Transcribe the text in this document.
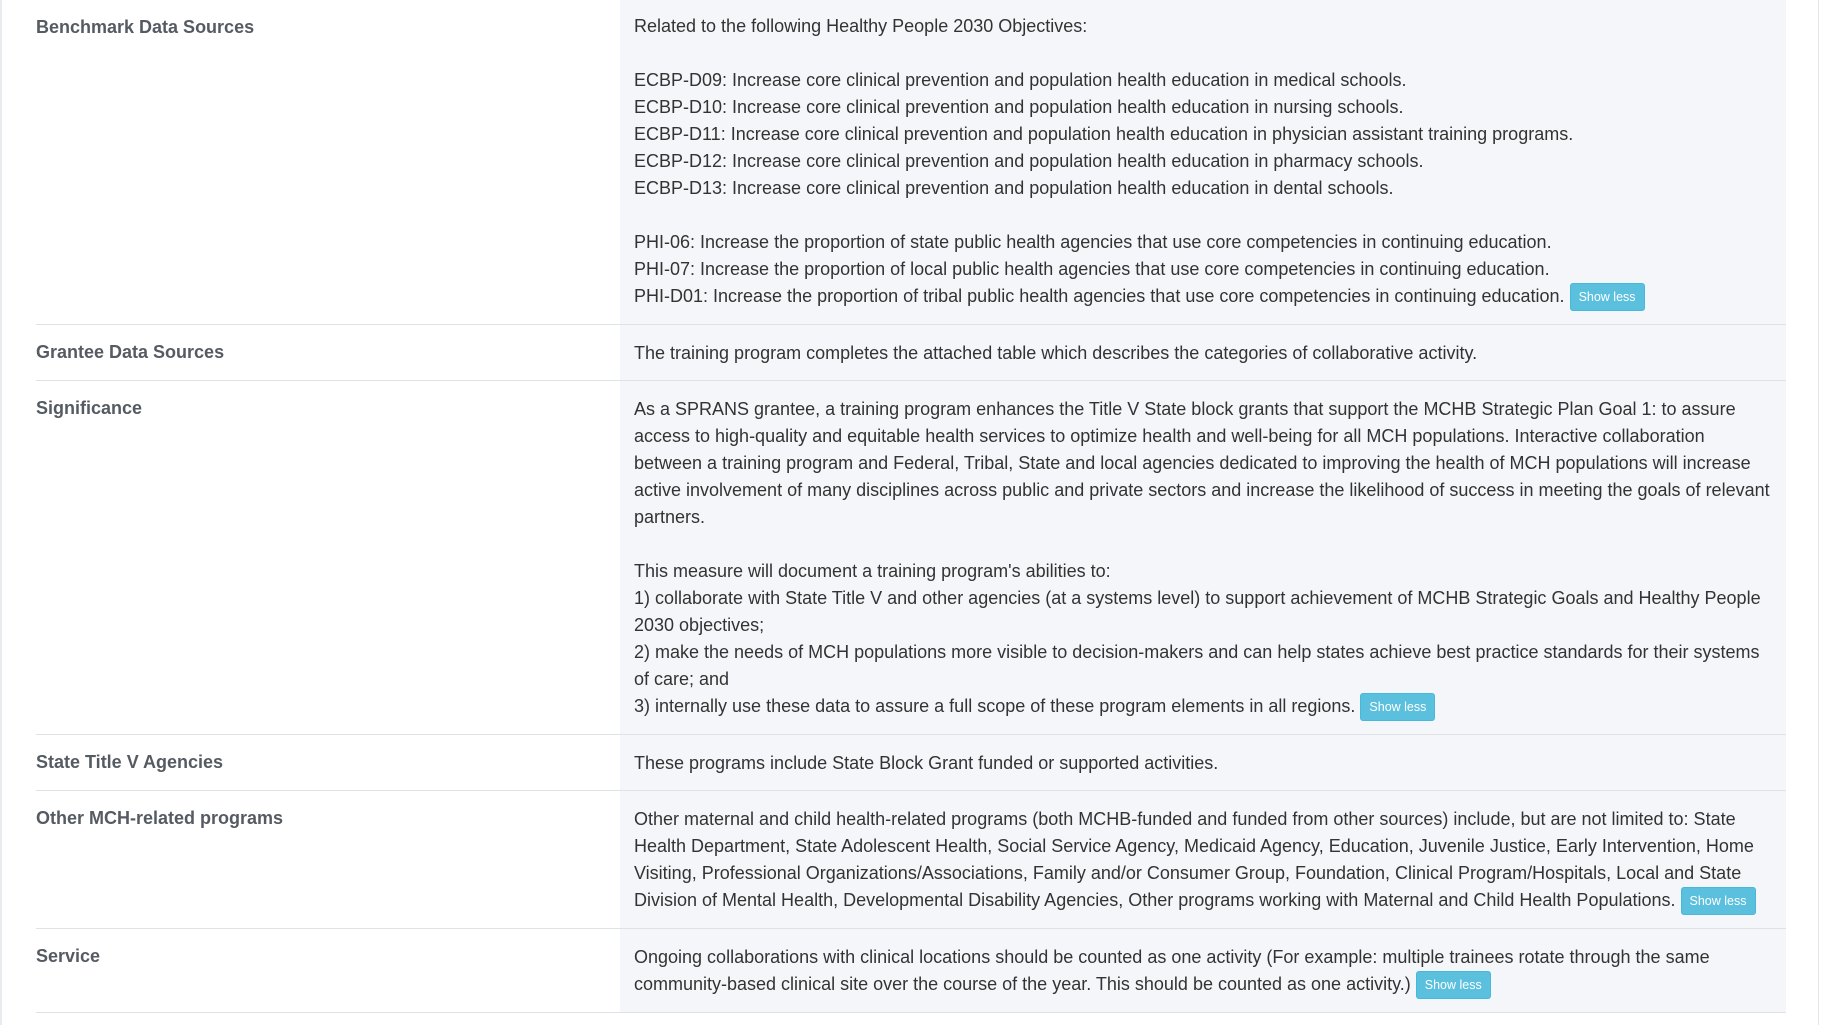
Benchmark Data Sources	Related to the following Healthy People 2030 Objectives:
ECBP-D09: Increase core clinical prevention and population health education in medical schools.
ECBP-D10: Increase core clinical prevention and population health education in nursing schools.
ECBP-D11: Increase core clinical prevention and population health education in physician assistant training programs.
ECBP-D12: Increase core clinical prevention and population health education in pharmacy schools.
ECBP-D13: Increase core clinical prevention and population health education in dental schools.
PHI-06: Increase the proportion of state public health agencies that use core competencies in continuing education.
PHI-07: Increase the proportion of local public health agencies that use core competencies in continuing education.
PHI-D01: Increase the proportion of tribal public health agencies that use core competencies in continuing education. Show less
Grantee Data Sources	The training program completes the attached table which describes the categories of collaborative activity.
Significance	As a SPRANS grantee, a training program enhances the Title V State block grants that support the MCHB Strategic Plan Goal 1: to assure access to high-quality and equitable health services to optimize health and well-being for all MCH populations. Interactive collaboration between a training program and Federal, Tribal, State and local agencies dedicated to improving the health of MCH populations will increase active involvement of many disciplines across public and private sectors and increase the likelihood of success in meeting the goals of relevant partners.
This measure will document a training program's abilities to:
1) collaborate with State Title V and other agencies (at a systems level) to support achievement of MCHB Strategic Goals and Healthy People 2030 objectives;
2) make the needs of MCH populations more visible to decision-makers and can help states achieve best practice standards for their systems of care; and
3) internally use these data to assure a full scope of these program elements in all regions. Show less
State Title V Agencies	These programs include State Block Grant funded or supported activities.
Other MCH-related programs	Other maternal and child health-related programs (both MCHB-funded and funded from other sources) include, but are not limited to: State Health Department, State Adolescent Health, Social Service Agency, Medicaid Agency, Education, Juvenile Justice, Early Intervention, Home Visiting, Professional Organizations/Associations, Family and/or Consumer Group, Foundation, Clinical Program/Hospitals, Local and State Division of Mental Health, Developmental Disability Agencies, Other programs working with Maternal and Child Health Populations. Show less
Service	Ongoing collaborations with clinical locations should be counted as one activity (For example: multiple trainees rotate through the same community-based clinical site over the course of the year. This should be counted as one activity.) Show less
